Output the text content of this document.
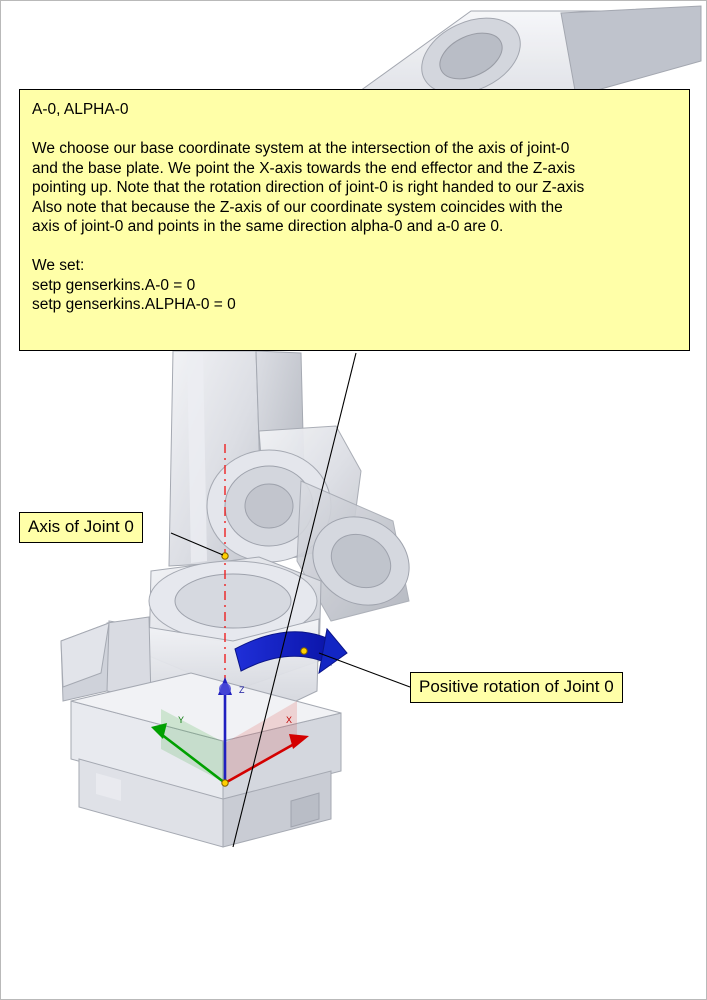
X
Y
Z
A-0, ALPHA-0
We choose our base coordinate system at the intersection of the axis of joint-0
and the base plate. We point the X-axis towards the end effector and the Z-axis
pointing up. Note that the rotation direction of joint-0 is right handed to our Z-axis
Also note that because the Z-axis of our coordinate system coincides with the
axis of joint-0 and points in the same direction alpha-0 and a-0 are 0.
We set:
setp genserkins.A-0 = 0
setp genserkins.ALPHA-0 = 0
Axis of Joint 0
Positive rotation of Joint 0
